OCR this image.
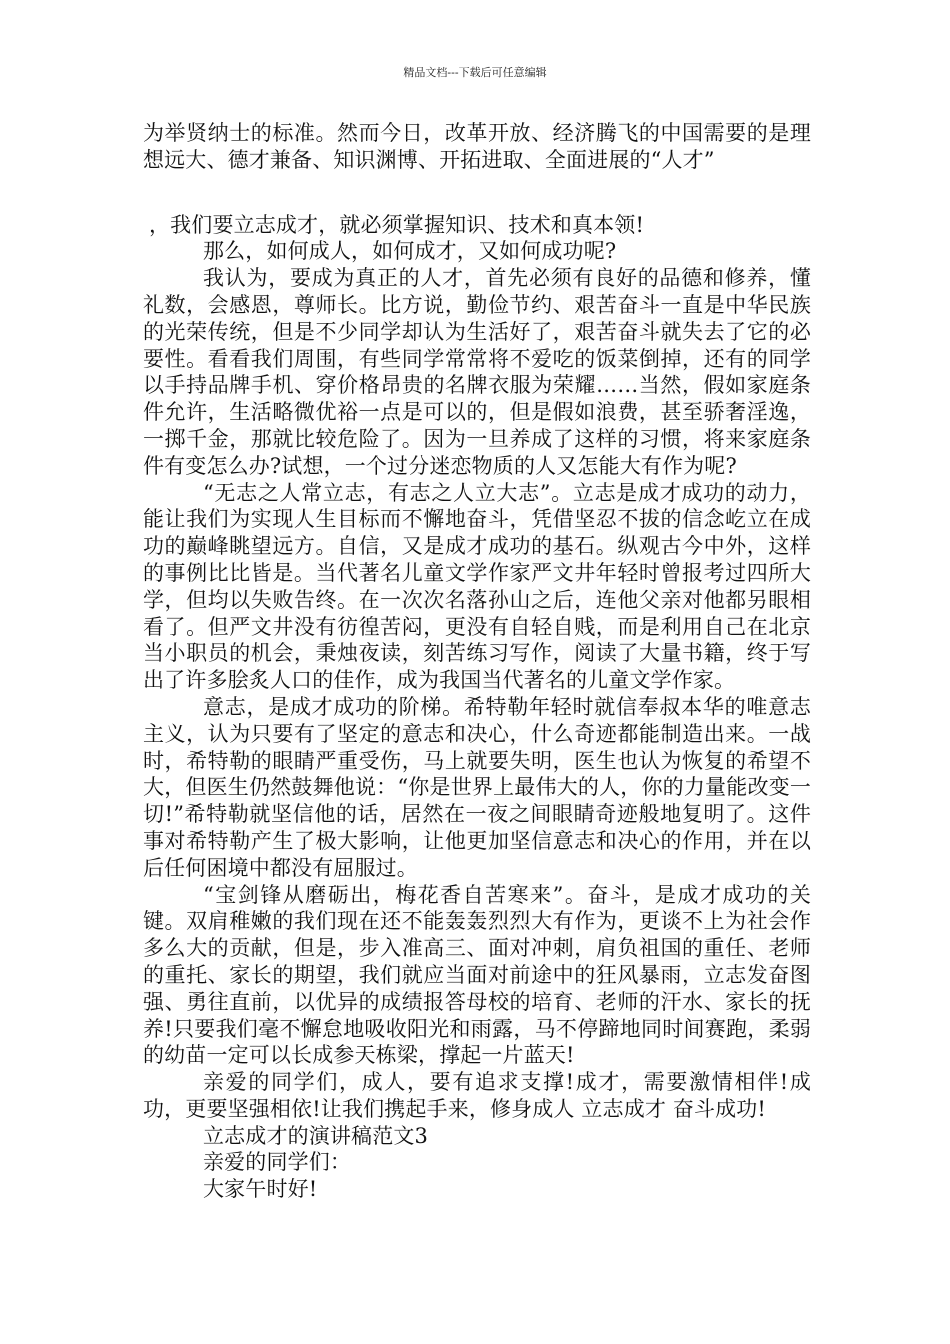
精品文档---下载后可任意编辑

为举贤纳士的标准。然而今日，改革开放、经济腾飞的中国需要的是理想远大、德才兼备、知识渊博、开拓进取、全面进展的“人才”

，我们要立志成才，就必须掌握知识、技术和真本领!

那么，如何成人，如何成才，又如何成功呢?

我认为，要成为真正的人才，首先必须有良好的品德和修养，懂礼数，会感恩，尊师长。比方说，勤俭节约、艰苦奋斗一直是中华民族的光荣传统，但是不少同学却认为生活好了，艰苦奋斗就失去了它的必要性。看看我们周围，有些同学常常将不爱吃的饭菜倒掉，还有的同学以手持品牌手机、穿价格昂贵的名牌衣服为荣耀……当然，假如家庭条件允许，生活略微优裕一点是可以的，但是假如浪费，甚至骄奢淫逸，一掷千金，那就比较危险了。因为一旦养成了这样的习惯，将来家庭条件有变怎么办?试想，一个过分迷恋物质的人又怎能大有作为呢?

“无志之人常立志，有志之人立大志”。立志是成才成功的动力，能让我们为实现人生目标而不懈地奋斗，凭借坚忍不拔的信念屹立在成功的巅峰眺望远方。自信，又是成才成功的基石。纵观古今中外，这样的事例比比皆是。当代著名儿童文学作家严文井年轻时曾报考过四所大学，但均以失败告终。在一次次名落孙山之后，连他父亲对他都另眼相看了。但严文井没有彷徨苦闷，更没有自轻自贱，而是利用自己在北京当小职员的机会，秉烛夜读，刻苦练习写作，阅读了大量书籍，终于写出了许多脍炙人口的佳作，成为我国当代著名的儿童文学作家。

意志，是成才成功的阶梯。希特勒年轻时就信奉叔本华的唯意志主义，认为只要有了坚定的意志和决心，什么奇迹都能制造出来。一战时，希特勒的眼睛严重受伤，马上就要失明，医生也认为恢复的希望不大，但医生仍然鼓舞他说：“你是世界上最伟大的人，你的力量能改变一切!”希特勒就坚信他的话，居然在一夜之间眼睛奇迹般地复明了。这件事对希特勒产生了极大影响，让他更加坚信意志和决心的作用，并在以后任何困境中都没有屈服过。

“宝剑锋从磨砺出，梅花香自苦寒来”。奋斗，是成才成功的关键。双肩稚嫩的我们现在还不能轰轰烈烈大有作为，更谈不上为社会作多么大的贡献，但是，步入准高三、面对冲刺，肩负祖国的重任、老师的重托、家长的期望，我们就应当面对前途中的狂风暴雨，立志发奋图强、勇往直前，以优异的成绩报答母校的培育、老师的汗水、家长的抚养!只要我们毫不懈怠地吸收阳光和雨露，马不停蹄地同时间赛跑，柔弱的幼苗一定可以长成参天栋梁，撑起一片蓝天!

亲爱的同学们，成人，要有追求支撑!成才，需要激情相伴!成功，更要坚强相依!让我们携起手来，修身成人 立志成才 奋斗成功!

立志成才的演讲稿范文3

亲爱的同学们：

大家午时好!
